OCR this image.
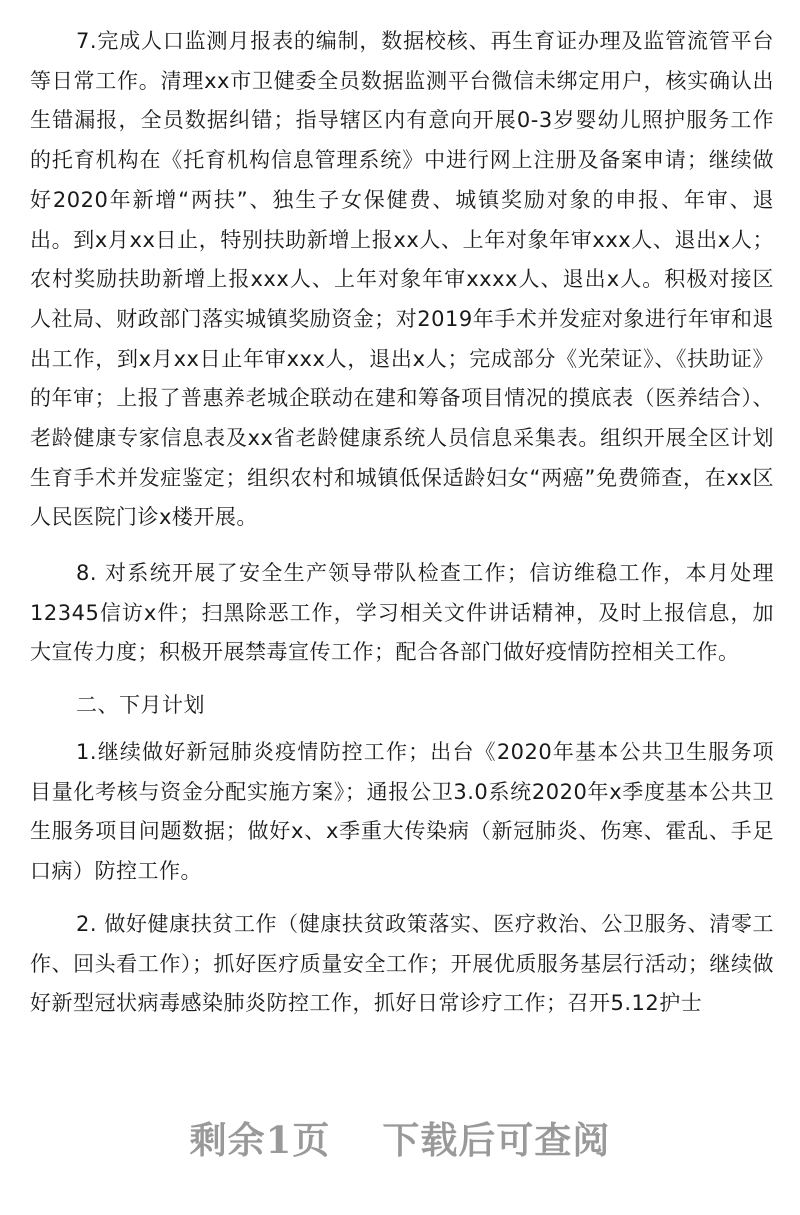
7.完成人口监测月报表的编制，数据校核、再生育证办理及监管流管平台等日常工作。清理xx市卫健委全员数据监测平台微信未绑定用户，核实确认出生错漏报，全员数据纠错；指导辖区内有意向开展0-3岁婴幼儿照护服务工作的托育机构在《托育机构信息管理系统》中进行网上注册及备案申请；继续做好2020年新增“两扶”、独生子女保健费、城镇奖励对象的申报、年审、退出。到x月xx日止，特别扶助新增上报xx人、上年对象年审xxx人、退出x人；农村奖励扶助新增上报xxx人、上年对象年审xxxx人、退出x人。积极对接区人社局、财政部门落实城镇奖励资金；对2019年手术并发症对象进行年审和退出工作，到x月xx日止年审xxx人，退出x人；完成部分《光荣证》、《扶助证》的年审；上报了普惠养老城企联动在建和筹备项目情况的摸底表（医养结合）、老龄健康专家信息表及xx省老龄健康系统人员信息采集表。组织开展全区计划生育手术并发症鉴定；组织农村和城镇低保适龄妇女“两癌”免费筛查，在xx区人民医院门诊x楼开展。

8. 对系统开展了安全生产领导带队检查工作；信访维稳工作，本月处理12345信访x件；扫黑除恶工作，学习相关文件讲话精神，及时上报信息，加大宣传力度；积极开展禁毒宣传工作；配合各部门做好疫情防控相关工作。

二、下月计划

1.继续做好新冠肺炎疫情防控工作；出台《2020年基本公共卫生服务项目量化考核与资金分配实施方案》；通报公卫3.0系统2020年x季度基本公共卫生服务项目问题数据；做好x、x季重大传染病（新冠肺炎、伤寒、霍乱、手足口病）防控工作。

2. 做好健康扶贫工作（健康扶贫政策落实、医疗救治、公卫服务、清零工作、回头看工作）；抓好医疗质量安全工作；开展优质服务基层行活动；继续做好新型冠状病毒感染肺炎防控工作，抓好日常诊疗工作；召开5.12护士

剩余1页 下载后可查阅
